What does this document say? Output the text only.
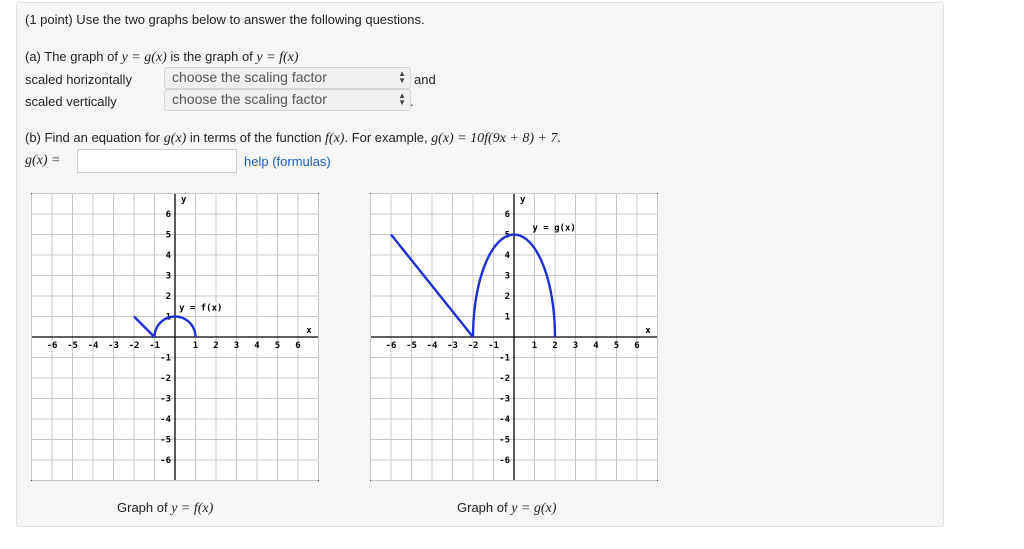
(1 point) Use the two graphs below to answer the following questions.
(a) The graph of y = g(x) is the graph of y = f(x)
scaled horizontally	choose the scaling factor	▲
▼ and
scaled vertically	choose the scaling factor	▲
▼ .
(b) Find an equation for g(x) in terms of the function f(x). For example, g(x) = 10f(9x + 8) + 7.
g(x) =	help (formulas)
-6
-6
-5
-5
-4
-4
-3
-3
-2
-2
-1
-1
1
1
2
2
3
3
4
4
5
5
6
6
x
y
y = f(x)
Graph of y = f(x)
-6
-6
-5
-5
-4
-4
-3
-3
-2
-2
-1
-1
1
1
2
2
3
3
4
4
5
5
6
6
x
y
y = g(x)
Graph of y = g(x)
